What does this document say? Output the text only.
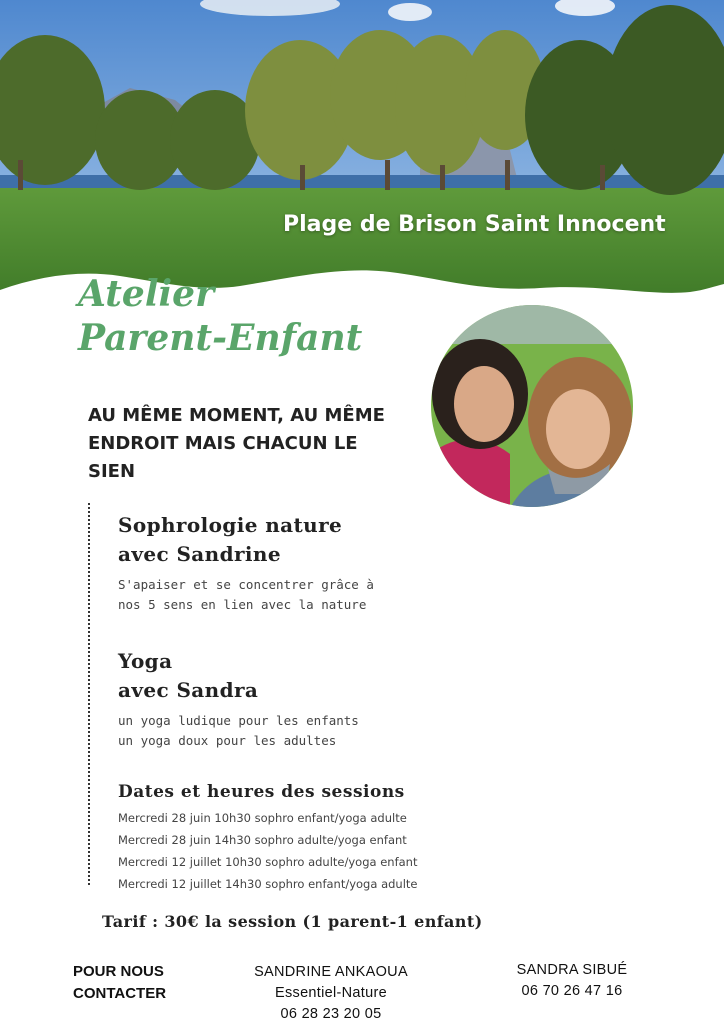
Plage de Brison Saint Innocent
Atelier
Parent-Enfant
AU MÊME MOMENT, AU MÊME ENDROIT MAIS CHACUN LE SIEN
Sophrologie nature
avec Sandrine
S'apaiser et se concentrer grâce à
nos 5 sens en lien avec la nature
Yoga
avec Sandra
un yoga ludique pour les enfants
un yoga doux pour les adultes
Dates et heures des sessions
Mercredi 28 juin 10h30 sophro enfant/yoga adulte
Mercredi 28 juin 14h30 sophro adulte/yoga enfant
Mercredi 12 juillet 10h30 sophro adulte/yoga enfant
Mercredi 12 juillet 14h30 sophro enfant/yoga adulte
Tarif : 30€ la session (1 parent-1 enfant)
POUR NOUS
CONTACTER
SANDRINE ANKAOUA
Essentiel-Nature
06 28 23 20 05
SANDRA SIBUÉ
06 70 26 47 16
